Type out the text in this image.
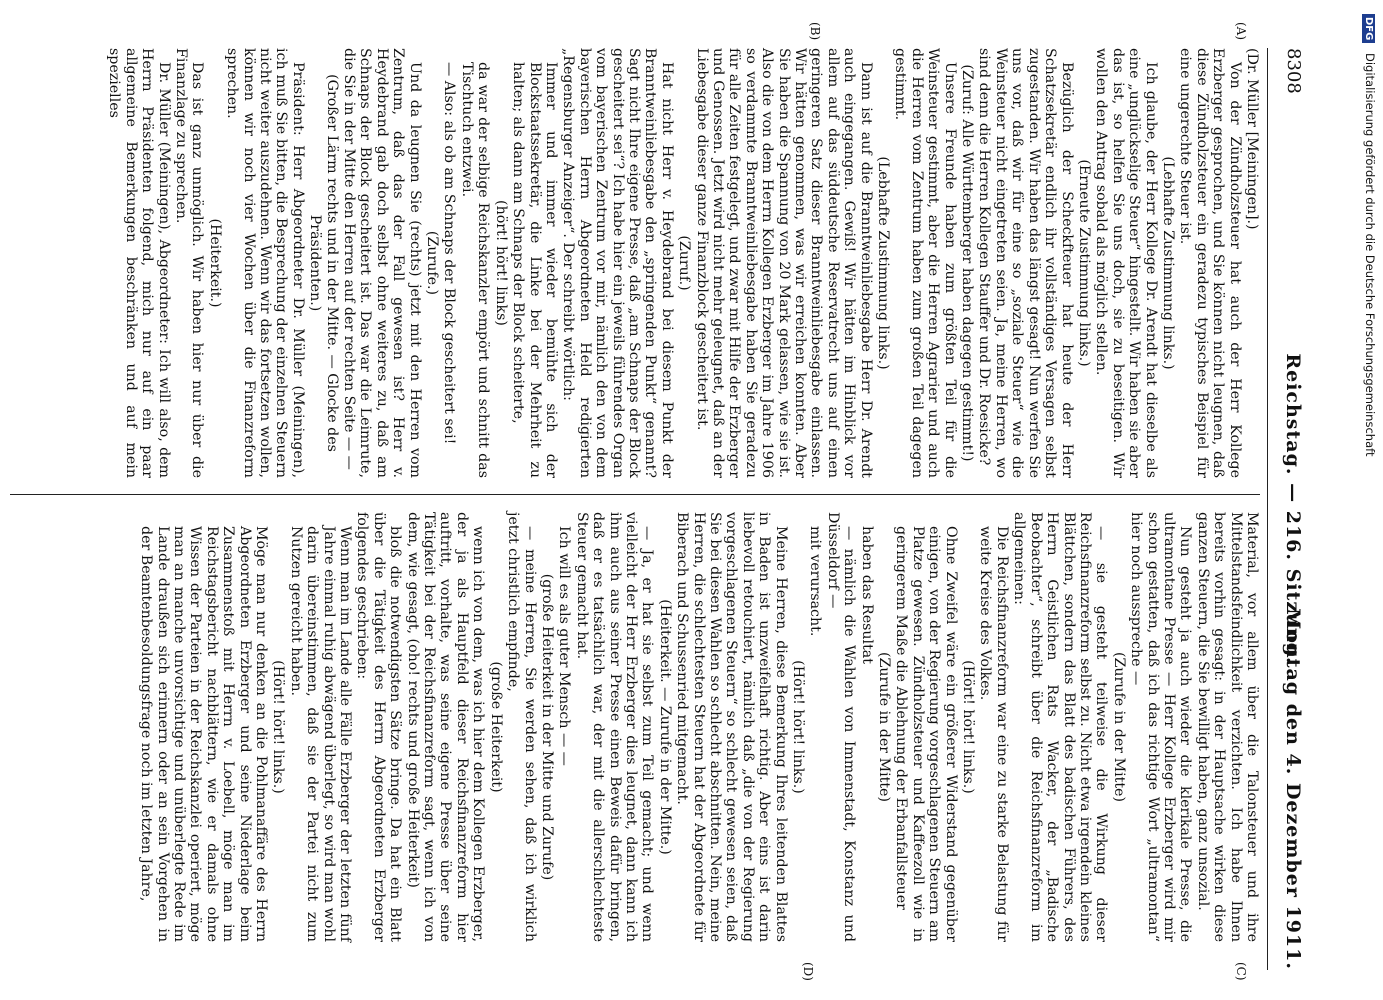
8308
Reichstag. — 216. Sitzung.
Montag den 4. Dezember 1911.
(A)
(B)
(C)
(D)

(Dr. Müller [Meiningen].)

Von der Zündholzsteuer hat auch der Herr Kollege Erzberger gesprochen, und Sie können nicht leugnen, daß diese Zündholzsteuer ein geradezu typisches Beispiel für eine ungerechte Steuer ist.

(Lebhafte Zustimmung links.)

Ich glaube, der Herr Kollege Dr. Arendt hat dieselbe als eine „unglückselige Steuer“ hingestellt. Wir haben sie aber das ist, so helfen Sie uns doch, sie zu beseitigen. Wir wollen den Antrag sobald als möglich stellen.

(Erneute Zustimmung links.)

Bezüglich der Scheckfteuer hat heute der Herr Schatzsekretär endlich ihr vollständiges Versagen selbst zugestanden. Wir haben das längst gesagt! Nun werfen Sie uns vor, daß wir für eine so „soziale Steuer“ wie die Weinsteuer nicht eingetreten seien. Ja, meine Herren, wo sind denn die Herren Kollegen Stauffer und Dr. Roesicke?

(Zuruf: Alle Württemberger haben dagegen gestimmt!)

Unsere Freunde haben zum größten Teil für die Weinsteuer gestimmt, aber die Herren Agrarier und auch die Herren vom Zentrum haben zum großen Teil dagegen gestimmt.

(Lebhafte Zustimmung links.)

Dann ist auf die Branntweinliebesgabe Herr Dr. Arendt auch eingegangen. Gewiß! Wir hätten im Hinblick vor allem auf das süddeutsche Reservatrecht uns auf einen geringeren Satz dieser Branntweinliebesgabe einlassen. Wir hätten genommen, was wir erreichen konnten. Aber Sie haben die Spannung von 20 Mark gelassen, wie sie ist. Also die von dem Herrn Kollegen Erzberger im Jahre 1906 so verdammte Branntweinliebesgabe haben Sie geradezu für alle Zeiten festgelegt, und zwar mit Hilfe der Erzberger und Genossen. Jetzt wird nicht mehr geleugnet, daß an der Liebesgabe dieser ganze Finanzblock gescheitert ist.

(Zuruf.)

Hat nicht Herr v. Heydebrand bei diesem Punkt der Branntweinliebesgabe den „springenden Punkt“ genannt? Sagt nicht Ihre eigene Presse, daß „am Schnaps der Block gescheitert sei“? Ich habe hier ein jeweils führendes Organ vom bayerischen Zentrum vor mir, nämlich den von dem bayerischen Herrn Abgeordneten Held redigierten „Regensburger Anzeiger“. Der schreibt wörtlich:

Immer und immer wieder bemühte sich der Blockstaatssekretär, die Linke bei der Mehrheit zu halten; als dann am Schnaps der Block scheiterte,

(hört! hört! links)

da war der selbige Reichskanzler empört und schnitt das Tischtuch entzwei.

— Also: als ob am Schnaps der Block gescheitert sei!

(Zurufe.)

Und da leugnen Sie (rechts) jetzt mit den Herren vom Zentrum, daß das der Fall gewesen ist? Herr v. Heydebrand gab doch selbst ohne weiteres zu, daß am Schnaps der Block gescheitert ist. Das war die Leimrute, die Sie in der Mitte den Herren auf der rechten Seite — —

(Großer Lärm rechts und in der Mitte. — Glocke des Präsidenten.)

Präsident: Herr Abgeordneter Dr. Müller (Meiningen), ich muß Sie bitten, die Besprechung der einzelnen Steuern nicht weiter auszudehnen. Wenn wir das fortsetzen wollen, können wir noch vier Wochen über die Finanzreform sprechen.

(Heiterkeit.)

Das ist ganz unmöglich. Wir haben hier nur über die Finanzlage zu sprechen.

Dr. Müller (Meiningen), Abgeordneter: Ich will also, dem Herrn Präsidenten folgend, mich nur auf ein paar allgemeine Bemerkungen beschränken und auf mein spezielles

Material, vor allem über die Talonsteuer und ihre Mittelstandsfeindlichkeit verzichten. Ich habe Ihnen bereits vorhin gesagt: in der Hauptsache wirken diese ganzen Steuern, die Sie bewilligt haben, ganz unsozial.

Nun gesteht ja auch wieder die klerikale Presse, die ultramontane Presse — Herr Kollege Erzberger wird mir schon gestatten, daß ich das richtige Wort „ultramontan“ hier noch ausspreche —

(Zurufe in der Mitte)

— sie gesteht teilweise die Wirkung dieser Reichsfinanzreform selbst zu. Nicht etwa irgendein kleines Blättchen, sondern das Blatt des badischen Führers, des Herrn Geistlichen Rats Wacker, der „Badische Beobachter“, schreibt über die Reichsfinanzreform im allgemeinen:

Die Reichsfinanzreform war eine zu starke Belastung für weite Kreise des Volkes.

(Hört! hört! links.)

Ohne Zweifel wäre ein größerer Widerstand gegenüber einigen, von der Regierung vorgeschlagenen Steuern am Platze gewesen. Zündholzsteuer und Kaffeezoll wie in geringerem Maße die Ablehnung der Erbanfallsteuer

(Zurufe in der Mitte)

haben das Resultat

— nämlich die Wahlen von Immenstadt, Konstanz und Düsseldorf —

mit verursacht.

(Hört! hört! links.)

Meine Herren, diese Bemerkung Ihres leitenden Blattes in Baden ist unzweifelhaft richtig. Aber eins ist darin liebevoll retouchiert, nämlich daß „die von der Regierung vorgeschlagenen Steuern“ so schlecht gewesen seien, daß Sie bei diesen Wahlen so schlecht abschnitten. Nein, meine Herren, die schlechtesten Steuern hat der Abgeordnete für Biberach und Schussenried mitgemacht.

(Heiterkeit. — Zurufe in der Mitte.)

— Ja, er hat sie selbst zum Teil gemacht; und wenn vielleicht der Herr Erzberger dies leugnet, dann kann ich ihm auch aus seiner Presse einen Beweis dafür bringen, daß er es tatsächlich war, der mit die allerschlechteste Steuer gemacht hat.

Ich will es als guter Mensch — —

(große Heiterkeit in der Mitte und Zurufe)

— meine Herren, Sie werden sehen, daß ich wirklich jetzt christlich empfinde,

(große Heiterkeit)

wenn ich von dem, was ich hier dem Kollegen Erzberger, der ja als Hauptfeld dieser Reichsfinanzreform hier auftritt, vorhalte, was seine eigene Presse über seine Tätigkeit bei der Reichsfinanzreform sagt, wenn ich von dem, wie gesagt, (oho! rechts und große Heiterkeit)

bloß die notwendigsten Sätze bringe. Da hat ein Blatt über die Tätigkeit des Herrn Abgeordneten Erzberger folgendes geschrieben:

Wenn man im Lande alle Fälle Erzberger der letzten fünf Jahre einmal ruhig abwägend überlegt, so wird man wohl darin übereinstimmen, daß sie der Partei nicht zum Nutzen gereicht haben.

(Hört! hört! links.)

Möge man nur denken an die Pohlmanaffäre des Herrn Abgeordneten Erzberger und seine Niederlage beim Zusammenstoß mit Herrn v. Loebell, möge man im Reichstagsbericht nachblättern, wie er damals ohne Wissen der Parteien in der Reichskanzlei operiert, möge man an manche unvorsichtige und unüberlegte Rede im Lande draußen sich erinnern oder an sein Vorgehen in der Beamtenbesoldungsfrage noch im letzten Jahre,

DFG Digitalisierung gefördert durch die Deutsche Forschungsgemeinschaft
